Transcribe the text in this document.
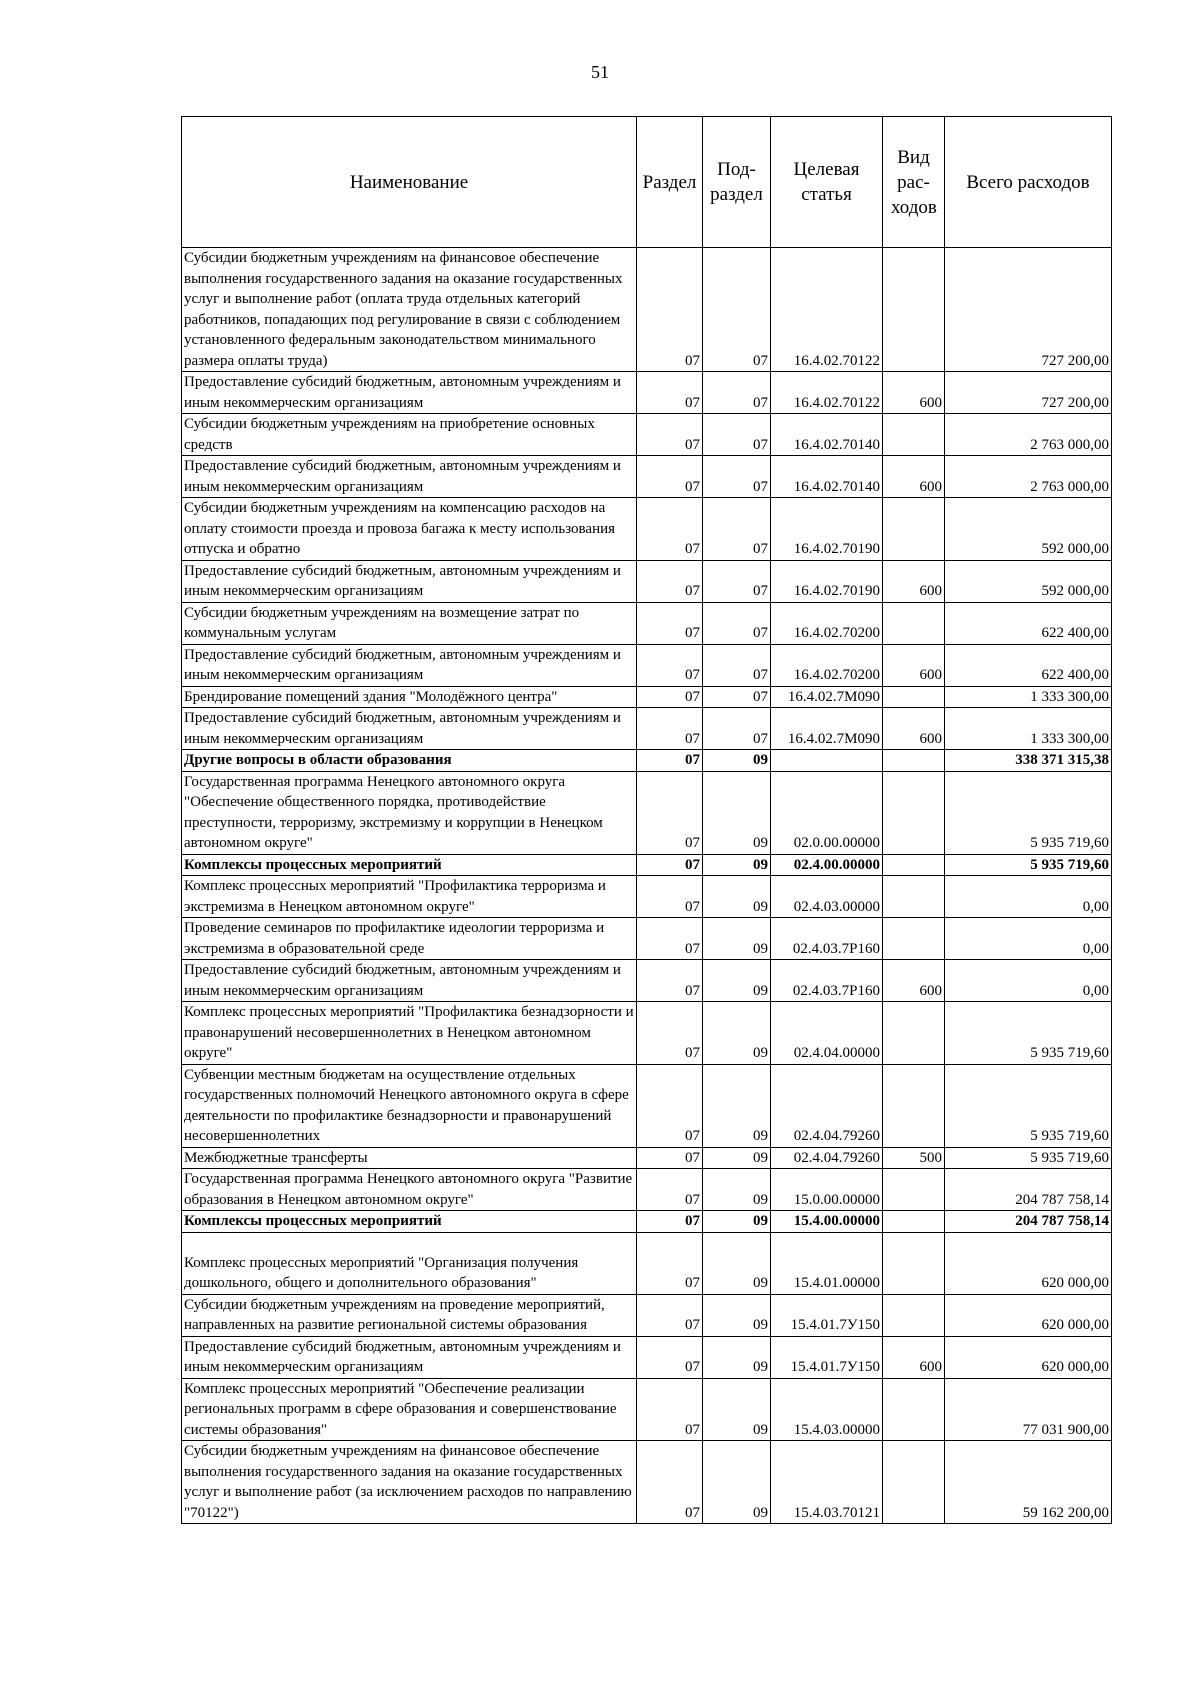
51
Наименование	Раздел	Под-раздел	Целевая статья	Вид рас-ходов	Всего расходов
Субсидии бюджетным учреждениям на финансовое обеспечение выполнения государственного задания на оказание государственных услуг и выполнение работ (оплата труда отдельных категорий работников, попадающих под регулирование в связи с соблюдением установленного федеральным законодательством минимального размера оплаты труда)	07	07	16.4.02.70122		727 200,00
Предоставление субсидий бюджетным, автономным учреждениям и иным некоммерческим организациям	07	07	16.4.02.70122	600	727 200,00
Субсидии бюджетным учреждениям на приобретение основных средств	07	07	16.4.02.70140		2 763 000,00
Предоставление субсидий бюджетным, автономным учреждениям и иным некоммерческим организациям	07	07	16.4.02.70140	600	2 763 000,00
Субсидии бюджетным учреждениям на компенсацию расходов на оплату стоимости проезда и провоза багажа к месту использования отпуска и обратно	07	07	16.4.02.70190		592 000,00
Предоставление субсидий бюджетным, автономным учреждениям и иным некоммерческим организациям	07	07	16.4.02.70190	600	592 000,00
Субсидии бюджетным учреждениям на возмещение затрат по коммунальным услугам	07	07	16.4.02.70200		622 400,00
Предоставление субсидий бюджетным, автономным учреждениям и иным некоммерческим организациям	07	07	16.4.02.70200	600	622 400,00
Брендирование помещений здания "Молодёжного центра"	07	07	16.4.02.7М090		1 333 300,00
Предоставление субсидий бюджетным, автономным учреждениям и иным некоммерческим организациям	07	07	16.4.02.7М090	600	1 333 300,00
Другие вопросы в области образования	07	09			338 371 315,38
Государственная программа Ненецкого автономного округа "Обеспечение общественного порядка, противодействие преступности, терроризму, экстремизму и коррупции в Ненецком автономном округе"	07	09	02.0.00.00000		5 935 719,60
Комплексы процессных мероприятий	07	09	02.4.00.00000		5 935 719,60
Комплекс процессных мероприятий "Профилактика терроризма и экстремизма в Ненецком автономном округе"	07	09	02.4.03.00000		0,00
Проведение семинаров по профилактике идеологии терроризма и экстремизма в образовательной среде	07	09	02.4.03.7Р160		0,00
Предоставление субсидий бюджетным, автономным учреждениям и иным некоммерческим организациям	07	09	02.4.03.7Р160	600	0,00
Комплекс процессных мероприятий "Профилактика безнадзорности и правонарушений несовершеннолетних в Ненецком автономном округе"	07	09	02.4.04.00000		5 935 719,60
Субвенции местным бюджетам на осуществление отдельных государственных полномочий Ненецкого автономного округа в сфере деятельности по профилактике безнадзорности и правонарушений несовершеннолетних	07	09	02.4.04.79260		5 935 719,60
Межбюджетные трансферты	07	09	02.4.04.79260	500	5 935 719,60
Государственная программа Ненецкого автономного округа "Развитие образования в Ненецком автономном округе"	07	09	15.0.00.00000		204 787 758,14
Комплексы процессных мероприятий	07	09	15.4.00.00000		204 787 758,14
Комплекс процессных мероприятий "Организация получения дошкольного, общего и дополнительного образования"	07	09	15.4.01.00000		620 000,00
Субсидии бюджетным учреждениям на проведение мероприятий, направленных на развитие региональной системы образования	07	09	15.4.01.7У150		620 000,00
Предоставление субсидий бюджетным, автономным учреждениям и иным некоммерческим организациям	07	09	15.4.01.7У150	600	620 000,00
Комплекс процессных мероприятий "Обеспечение реализации региональных программ в сфере образования и совершенствование системы образования"	07	09	15.4.03.00000		77 031 900,00
Субсидии бюджетным учреждениям на финансовое обеспечение выполнения государственного задания на оказание государственных услуг и выполнение работ (за исключением расходов по направлению "70122")	07	09	15.4.03.70121		59 162 200,00
